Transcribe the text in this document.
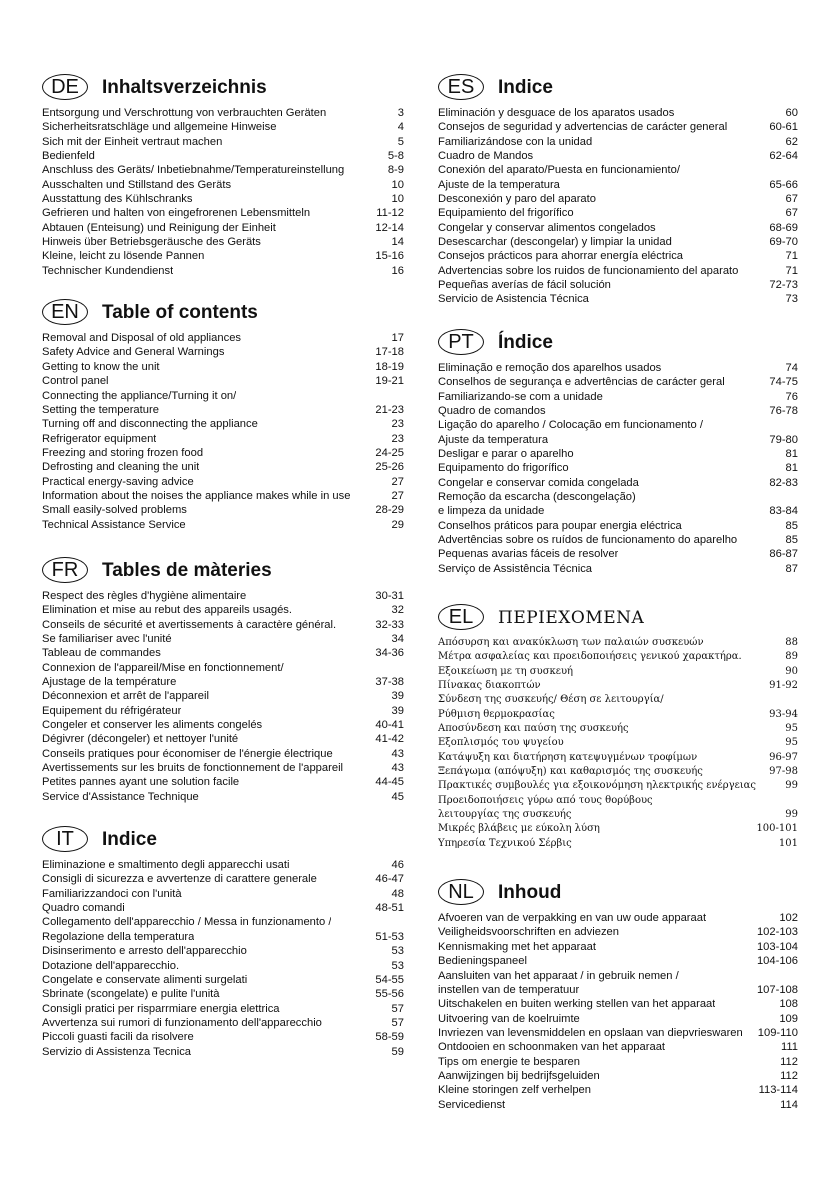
DE	Inhaltsverzeichnis
Entsorgung und Verschrottung von verbrauchten Geräten	3
Sicherheitsratschläge und allgemeine Hinweise	4
Sich mit der Einheit vertraut machen	5
Bedienfeld	5-8
Anschluss des Geräts/ Inbetiebnahme/Temperatureinstellung	8-9
Ausschalten und Stillstand des Geräts	10
Ausstattung des Kühlschranks	10
Gefrieren und halten von eingefrorenen Lebensmitteln	11-12
Abtauen (Enteisung) und Reinigung der Einheit	12-14
Hinweis über Betriebsgeräusche des Geräts	14
Kleine, leicht zu lösende Pannen	15-16
Technischer Kundendienst	16
EN	Table of contents
Removal and Disposal of old appliances	17
Safety Advice and General Warnings	17-18
Getting to know the unit	18-19
Control panel	19-21
Connecting the appliance/Turning it on/
Setting the temperature	21-23
Turning off and disconnecting the appliance	23
Refrigerator equipment	23
Freezing and storing frozen food	24-25
Defrosting and cleaning the unit	25-26
Practical energy-saving advice	27
Information about the noises the appliance makes while in use	27
Small easily-solved problems	28-29
Technical Assistance Service	29
FR	Tables de màteries
Respect des règles d'hygiène alimentaire	30-31
Elimination et mise au rebut des appareils usagés.	32
Conseils de sécurité et avertissements à caractère général.	32-33
Se familiariser avec l'unité	34
Tableau de commandes	34-36
Connexion de l'appareil/Mise en fonctionnement/
Ajustage de la température	37-38
Déconnexion et arrêt de l'appareil	39
Equipement du réfrigérateur	39
Congeler et conserver les aliments congelés	40-41
Dégivrer (décongeler) et nettoyer l'unité	41-42
Conseils pratiques pour économiser de l'énergie électrique	43
Avertissements sur les bruits de fonctionnement de l'appareil	43
Petites pannes ayant une solution facile	44-45
Service d'Assistance Technique	45
IT	Indice
Eliminazione e smaltimento degli apparecchi usati	46
Consigli di sicurezza e avvertenze di carattere generale	46-47
Familiarizzandoci con l'unità	48
Quadro comandi	48-51
Collegamento dell'apparecchio / Messa in funzionamento /
Regolazione della temperatura	51-53
Disinserimento e arresto dell'apparecchio	53
Dotazione dell'apparecchio.	53
Congelate e conservate alimenti surgelati	54-55
Sbrinate (scongelate) e pulite l'unità	55-56
Consigli pratici per risparrmiare energia elettrica	57
Avvertenza sui rumori di funzionamento dell'apparecchio	57
Piccoli guasti facili da risolvere	58-59
Servizio di Assistenza Tecnica	59
ES	Indice
Eliminación y desguace de los aparatos usados	60
Consejos de seguridad y advertencias de carácter general	60-61
Familiarizándose con la unidad	62
Cuadro de Mandos	62-64
Conexión del aparato/Puesta en funcionamiento/
Ajuste de la temperatura	65-66
Desconexión y paro del aparato	67
Equipamiento del frigorífico	67
Congelar y conservar alimentos congelados	68-69
Desescarchar (descongelar) y limpiar la unidad	69-70
Consejos prácticos para ahorrar energía eléctrica	71
Advertencias sobre los ruidos de funcionamiento del aparato	71
Pequeñas averías de fácil solución	72-73
Servicio de Asistencia Técnica	73
PT	Índice
Eliminação e remoção dos aparelhos usados	74
Conselhos de segurança e advertências de carácter geral	74-75
Familiarizando-se com a unidade	76
Quadro de comandos	76-78
Ligação do aparelho / Colocação em funcionamento /
Ajuste da temperatura	79-80
Desligar e parar o aparelho	81
Equipamento do frigorífico	81
Congelar e conservar comida congelada	82-83
Remoção da escarcha (descongelação)
e limpeza da unidade	83-84
Conselhos práticos para poupar energia eléctrica	85
Advertências sobre os ruídos de funcionamento do aparelho	85
Pequenas avarias fáceis de resolver	86-87
Serviço de Assistência Técnica	87
EL	ΠΕΡΙΕΧΟΜΕΝΑ
Απόσυρση και ανακύκλωση των παλαιών συσκευών	88
Μέτρα ασφαλείας και προειδοποιήσεις γενικού χαρακτήρα.	89
Εξοικείωση με τη συσκευή	90
Πίνακας διακοπτών	91-92
Σύνδεση της συσκευής/ Θέση σε λειτουργία/
Ρύθμιση θερμοκρασίας	93-94
Αποσύνδεση και παύση της συσκευής	95
Εξοπλισμός του ψυγείου	95
Κατάψυξη και διατήρηση κατεψυγμένων τροφίμων	96-97
Ξεπάγωμα (απόψυξη) και καθαρισμός της συσκευής	97-98
Πρακτικές συμβουλές για εξοικονόμηση ηλεκτρικής ενέργειας	99
Προειδοποιήσεις γύρω από τους θορύβους
λειτουργίας της συσκευής	99
Μικρές βλάβεις με εύκολη λύση	100-101
Υπηρεσία Τεχνικού Σέρβις	101
NL	Inhoud
Afvoeren van de verpakking en van uw oude apparaat	102
Veiligheidsvoorschriften en adviezen	102-103
Kennismaking met het apparaat	103-104
Bedieningspaneel	104-106
Aansluiten van het apparaat / in gebruik nemen /
instellen van de temperatuur	107-108
Uitschakelen en buiten werking stellen van het apparaat	108
Uitvoering van de koelruimte	109
Invriezen van levensmiddelen en opslaan van diepvrieswaren	109-110
Ontdooien en schoonmaken van het apparaat	111
Tips om energie te besparen	112
Aanwijzingen bij bedrijfsgeluiden	112
Kleine storingen zelf verhelpen	113-114
Servicedienst	114
